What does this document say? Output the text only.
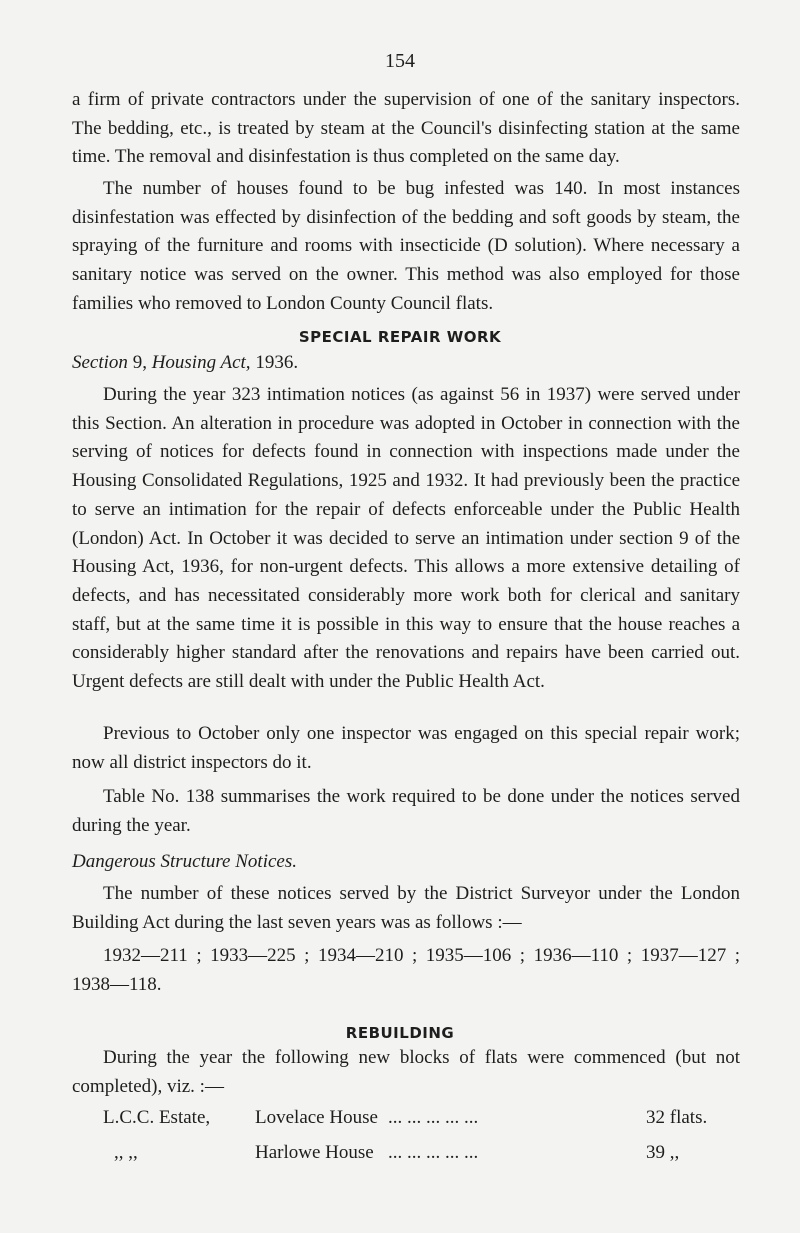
154

a firm of private contractors under the supervision of one of the sanitary inspectors. The bedding, etc., is treated by steam at the Council's disinfecting station at the same time. The removal and disinfestation is thus completed on the same day.

The number of houses found to be bug infested was 140. In most instances disinfestation was effected by disinfection of the bedding and soft goods by steam, the spraying of the furniture and rooms with insecticide (D solution). Where necessary a sanitary notice was served on the owner. This method was also employed for those families who removed to London County Council flats.

SPECIAL REPAIR WORK

Section 9, Housing Act, 1936.

During the year 323 intimation notices (as against 56 in 1937) were served under this Section. An alteration in procedure was adopted in October in connection with the serving of notices for defects found in connection with inspections made under the Housing Consolidated Regulations, 1925 and 1932. It had previously been the practice to serve an intimation for the repair of defects enforceable under the Public Health (London) Act. In October it was decided to serve an intimation under section 9 of the Housing Act, 1936, for non-urgent defects. This allows a more extensive detailing of defects, and has necessitated considerably more work both for clerical and sanitary staff, but at the same time it is possible in this way to ensure that the house reaches a considerably higher standard after the renovations and repairs have been carried out. Urgent defects are still dealt with under the Public Health Act.

Previous to October only one inspector was engaged on this special repair work; now all district inspectors do it.

Table No. 138 summarises the work required to be done under the notices served during the year.

Dangerous Structure Notices.

The number of these notices served by the District Surveyor under the London Building Act during the last seven years was as follows :—

1932—211 ; 1933—225 ; 1934—210 ; 1935—106 ; 1936—110 ; 1937—127 ; 1938—118.

REBUILDING

During the year the following new blocks of flats were commenced (but not completed), viz. :—

L.C.C. Estate, Lovelace House ... ... ... ... ...	32 flats.
,, ,,	Harlowe House ... ... ... ... ...	39 ,,
